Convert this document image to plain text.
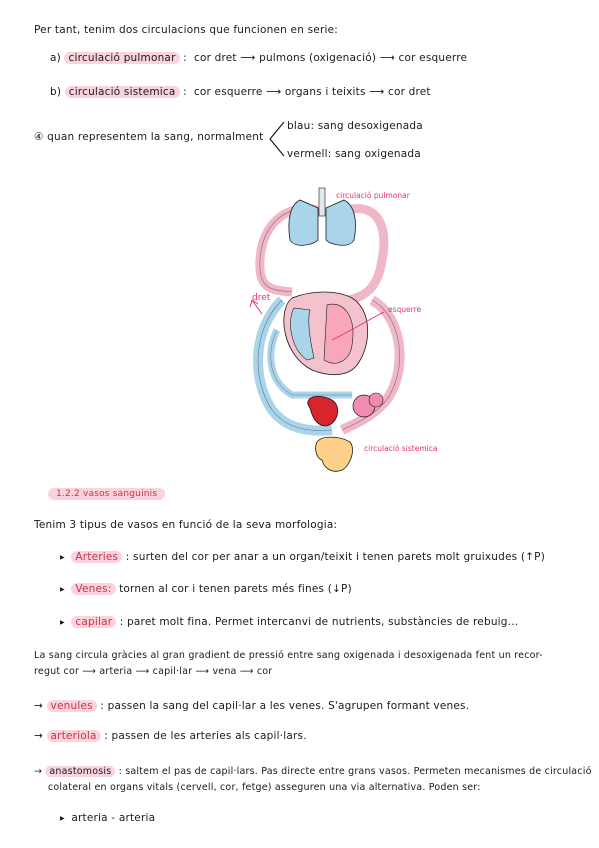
Per tant, tenim dos circulacions que funcionen en serie:
a) circulació pulmonar : cor dret ⟶ pulmons (oxigenació) ⟶ cor esquerre
b) circulació sistemica : cor esquerre ⟶ organs i teixits ⟶ cor dret
④ quan representem la sang, normalment
blau: sang desoxigenada
vermell: sang oxigenada
circulació pulmonar
dret
esquerre
circulació sistemica
1.2.2 vasos sanguinis
Tenim 3 tipus de vasos en funció de la seva morfologia:
▶ Arteries : surten del cor per anar a un organ/teixit i tenen parets molt gruixudes (↑P)
▶ Venes: tornen al cor i tenen parets més fines (↓P)
▶ capilar : paret molt fina. Permet intercanvi de nutrients, substàncies de rebuig...
La sang circula gràcies al gran gradient de pressió entre sang oxigenada i desoxigenada fent un recor-
regut cor ⟶ arteria ⟶ capil·lar ⟶ vena ⟶ cor
→ venules : passen la sang del capil·lar a les venes. S'agrupen formant venes.
→ arteriola : passen de les arteries als capil·lars.
→ anastomosis : saltem el pas de capil·lars. Pas directe entre grans vasos. Permeten mecanismes de circulació
colateral en organs vitals (cervell, cor, fetge) asseguren una via alternativa. Poden ser:
▶ arteria - arteria
